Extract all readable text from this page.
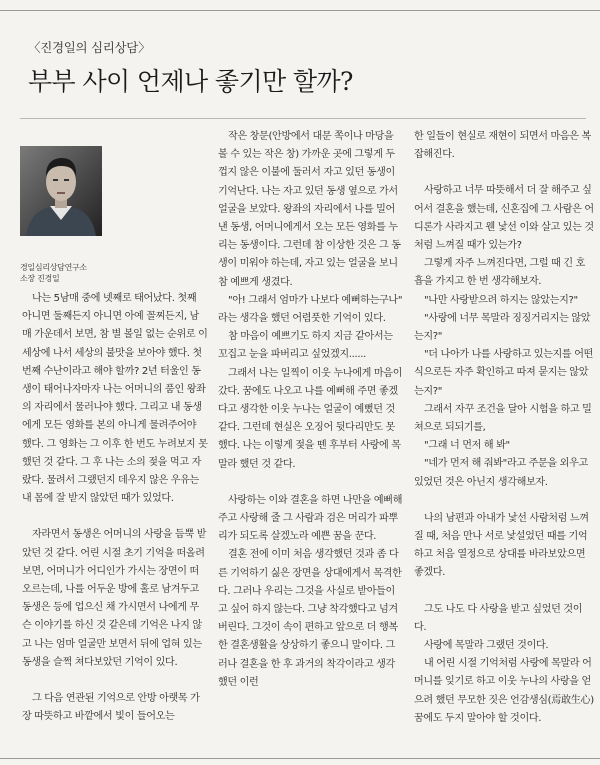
〈진경일의 심리상담〉
부부 사이 언제나 좋기만 할까?
경일심리상담연구소
소장 진경일

나는 5남매 중에 넷째로 태어났다. 첫째 아니면 둘째든지 아니면 아예 꼴찌든지, 남매 가운데서 보면, 참 별 볼일 없는 순위로 이 세상에 나서 세상의 불맛을 보아야 했다. 첫 번째 수난이라고 해야 할까? 2년 터울인 동생이 태어나자마자 나는 어머니의 품인 왕좌의 자리에서 물러나야 했다. 그리고 내 동생에게 모든 영화를 본의 아니게 물려주어야 했다. 그 영화는 그 이후 한 번도 누려보지 못했던 것 같다. 그 후 나는 소의 젖을 먹고 자랐다. 물려서 그랬던지 데우지 않은 우유는 내 몸에 잘 받지 않았던 때가 있었다.

자라면서 동생은 어머니의 사랑을 듬뿍 받았던 것 같다. 어린 시절 초기 기억을 떠올려 보면, 어머니가 어디인가 가시는 장면이 떠오르는데, 나를 어두운 방에 홀로 남겨두고 동생은 등에 업으신 채 가시면서 나에게 무슨 이야기를 하신 것 같은데 기억은 나지 않고 나는 엄마 얼굴만 보면서 뒤에 업혀 있는 동생을 슬쩍 쳐다보았던 기억이 있다.

그 다음 연관된 기억으로 안방 아랫목 가장 따뜻하고 바깥에서 빛이 들어오는

작은 창문(안방에서 대문 쪽이나 마당을 볼 수 있는 작은 창) 가까운 곳에 그렇게 두껍지 않은 이불에 둘러서 자고 있던 동생이 기억난다. 나는 자고 있던 동생 옆으로 가서 얼굴을 보았다. 왕좌의 자리에서 나를 밀어낸 동생, 어머니에게서 오는 모든 영화를 누리는 동생이다. 그런데 참 이상한 것은 그 동생이 미워야 하는데, 자고 있는 얼굴을 보니 참 예쁘게 생겼다.

"아! 그래서 엄마가 나보다 예뻐하는구나" 라는 생각을 했던 어렴풋한 기억이 있다.

참 마음이 예쁘기도 하지 지금 같아서는 꼬집고 눈을 파버리고 싶었겠지......

그래서 나는 일찍이 이웃 누나에게 마음이 갔다. 꿈에도 나오고 나를 예뻐해 주면 좋겠다고 생각한 이웃 누나는 얼굴이 예뻤던 것 같다. 그런데 현실은 오징어 뒷다리만도 못했다. 나는 이렇게 젖을 뗀 후부터 사랑에 목말라 했던 것 같다.

사랑하는 이와 결혼을 하면 나만을 예뻐해 주고 사랑해 줄 그 사람과 검은 머리가 파뿌리가 되도록 살겠노라 예쁜 꿈을 꾼다.

결혼 전에 이미 처음 생각했던 것과 좀 다른 기억하기 싫은 장면을 상대에게서 목격한다. 그러나 우리는 그것을 사실로 받아들이고 싶어 하지 않는다. 그냥 착각했다고 넘겨버린다. 그것이 속이 편하고 앞으로 더 행복한 결혼생활을 상상하기 좋으니 말이다. 그러나 결혼을 한 후 과거의 착각이라고 생각했던 이런

한 일들이 현실로 재현이 되면서 마음은 복잡해진다.

사랑하고 너무 따뜻해서 더 잘 해주고 싶어서 결혼을 했는데, 신혼집에 그 사람은 어디론가 사라지고 웬 낯선 이와 살고 있는 것처럼 느껴질 때가 있는가?

그렇게 자주 느껴진다면, 그럴 때 긴 호흡을 가지고 한 번 생각해보자.

"나만 사랑받으려 하지는 않았는지?"

"사랑에 너무 목말라 징징거리지는 않았는지?"

"더 나아가 나를 사랑하고 있는지를 어떤 식으로든 자주 확인하고 따져 묻지는 않았는지?"

그래서 자꾸 조건을 달아 시험을 하고 밀쳐으로 되되기를,

"그래 너 먼저 해 봐"

"네가 먼저 해 줘봐"라고 주문을 외우고 있었던 것은 아닌지 생각해보자.

나의 남편과 아내가 낯선 사람처럼 느껴질 때, 처음 만나 서로 낯설었던 때를 기억하고 처음 열정으로 상대를 바라보았으면 좋겠다.

그도 나도 다 사랑을 받고 싶었던 것이다.

사랑에 목말라 그랬던 것이다.

내 어린 시절 기억처럼 사랑에 목말라 어머니를 잊기로 하고 이웃 누나의 사랑을 얻으려 했던 무모한 짓은 언감생심(焉敢生心) 꿈에도 두지 말아야 할 것이다.
